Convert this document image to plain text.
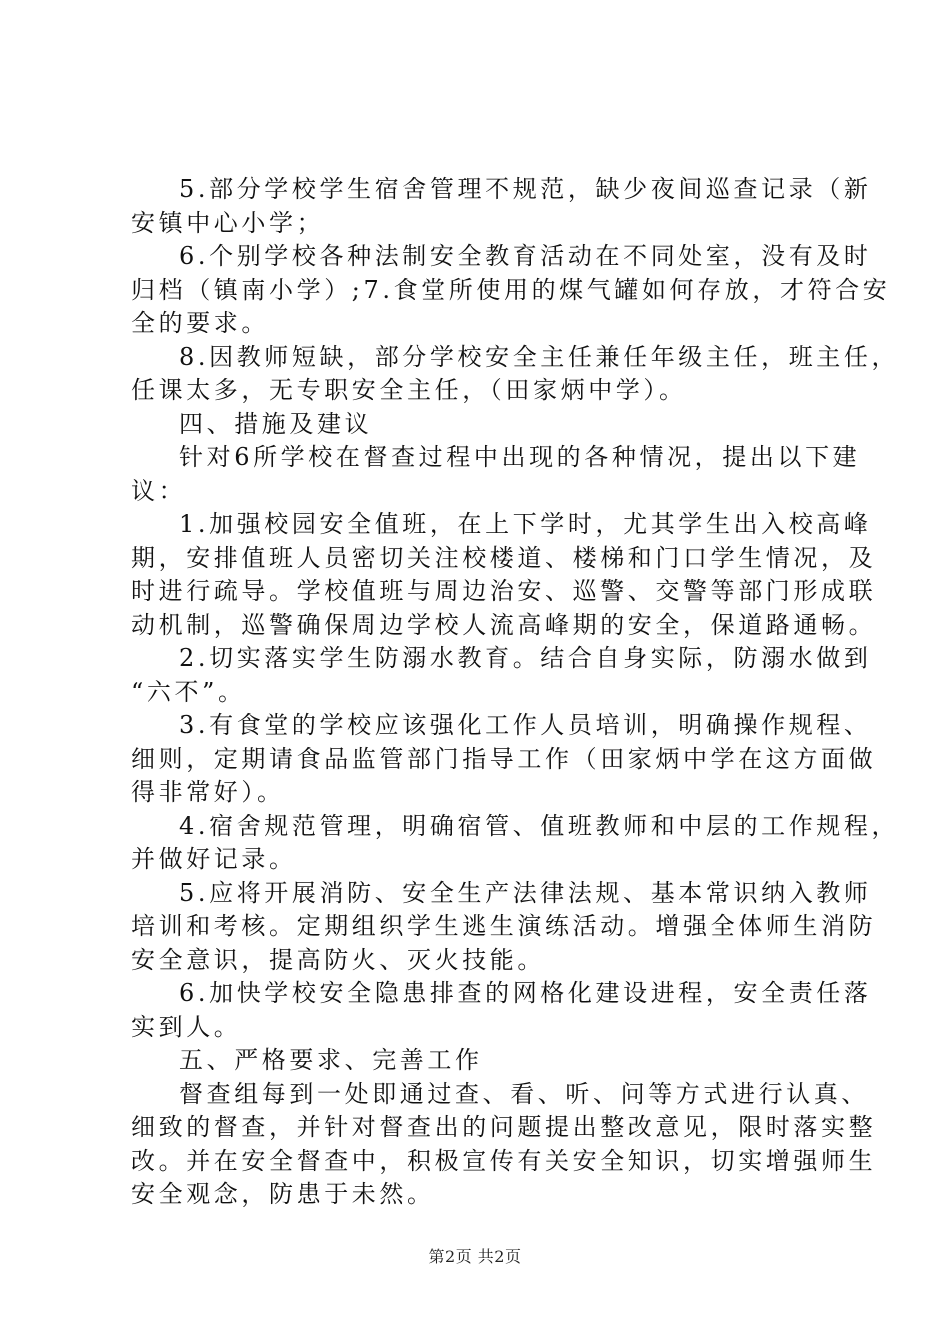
5.部分学校学生宿舍管理不规范，缺少夜间巡查记录（新
安镇中心小学；
6.个别学校各种法制安全教育活动在不同处室，没有及时
归档（镇南小学）;7.食堂所使用的煤气罐如何存放，才符合安
全的要求。
8.因教师短缺，部分学校安全主任兼任年级主任，班主任，
任课太多，无专职安全主任，（田家炳中学）。
四、措施及建议
针对6所学校在督查过程中出现的各种情况，提出以下建
议：
1.加强校园安全值班，在上下学时，尤其学生出入校高峰
期，安排值班人员密切关注校楼道、楼梯和门口学生情况，及
时进行疏导。学校值班与周边治安、巡警、交警等部门形成联
动机制，巡警确保周边学校人流高峰期的安全，保道路通畅。
2.切实落实学生防溺水教育。结合自身实际，防溺水做到
“六不”。
3.有食堂的学校应该强化工作人员培训，明确操作规程、
细则，定期请食品监管部门指导工作（田家炳中学在这方面做
得非常好）。
4.宿舍规范管理，明确宿管、值班教师和中层的工作规程，
并做好记录。
5.应将开展消防、安全生产法律法规、基本常识纳入教师
培训和考核。定期组织学生逃生演练活动。增强全体师生消防
安全意识，提高防火、灭火技能。
6.加快学校安全隐患排查的网格化建设进程，安全责任落
实到人。
五、严格要求、完善工作
督查组每到一处即通过查、看、听、问等方式进行认真、
细致的督查，并针对督查出的问题提出整改意见，限时落实整
改。并在安全督查中，积极宣传有关安全知识，切实增强师生
安全观念，防患于未然。
第2页 共2页
